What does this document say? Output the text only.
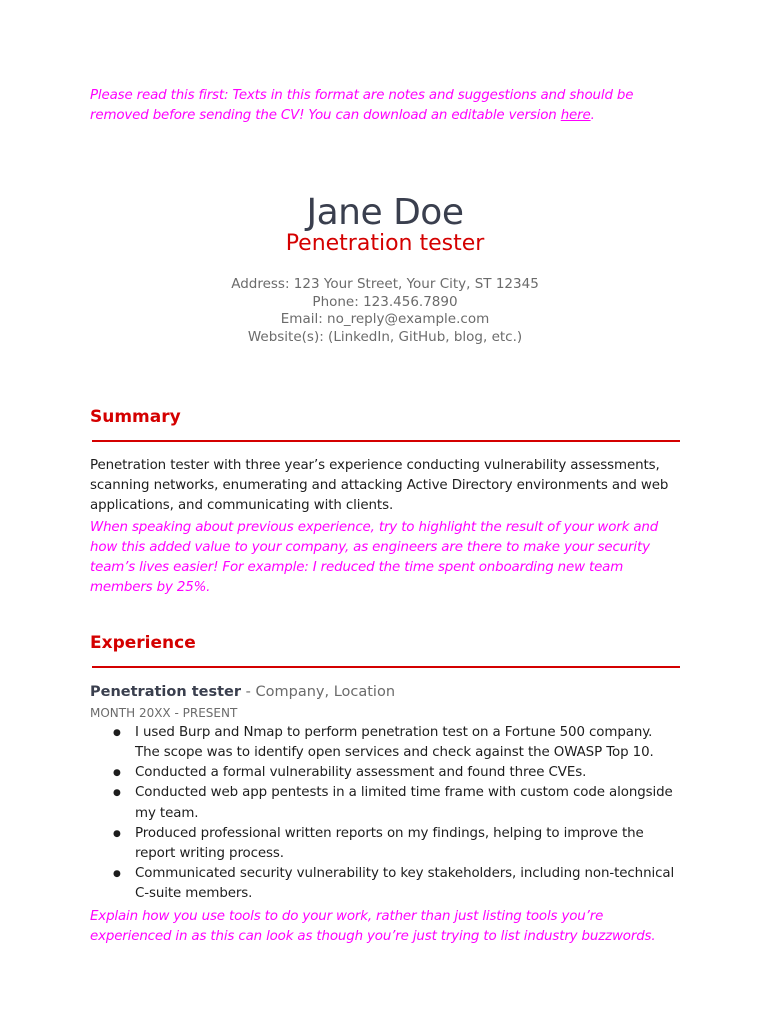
Please read this first: Texts in this format are notes and suggestions and should be removed before sending the CV! You can download an editable version here.
Jane Doe
Penetration tester
Address: 123 Your Street, Your City, ST 12345
Phone: 123.456.7890
Email: no_reply@example.com
Website(s): (LinkedIn, GitHub, blog, etc.)
Summary
Penetration tester with three year’s experience conducting vulnerability assessments, scanning networks, enumerating and attacking Active Directory environments and web applications, and communicating with clients.
When speaking about previous experience, try to highlight the result of your work and how this added value to your company, as engineers are there to make your security team’s lives easier! For example: I reduced the time spent onboarding new team members by 25%.
Experience
Penetration tester - Company, Location
MONTH 20XX - PRESENT
● I used Burp and Nmap to perform penetration test on a Fortune 500 company. The scope was to identify open services and check against the OWASP Top 10.
● Conducted a formal vulnerability assessment and found three CVEs.
● Conducted web app pentests in a limited time frame with custom code alongside my team.
● Produced professional written reports on my findings, helping to improve the report writing process.
● Communicated security vulnerability to key stakeholders, including non-technical C-suite members.
Explain how you use tools to do your work, rather than just listing tools you’re experienced in as this can look as though you’re just trying to list industry buzzwords.
